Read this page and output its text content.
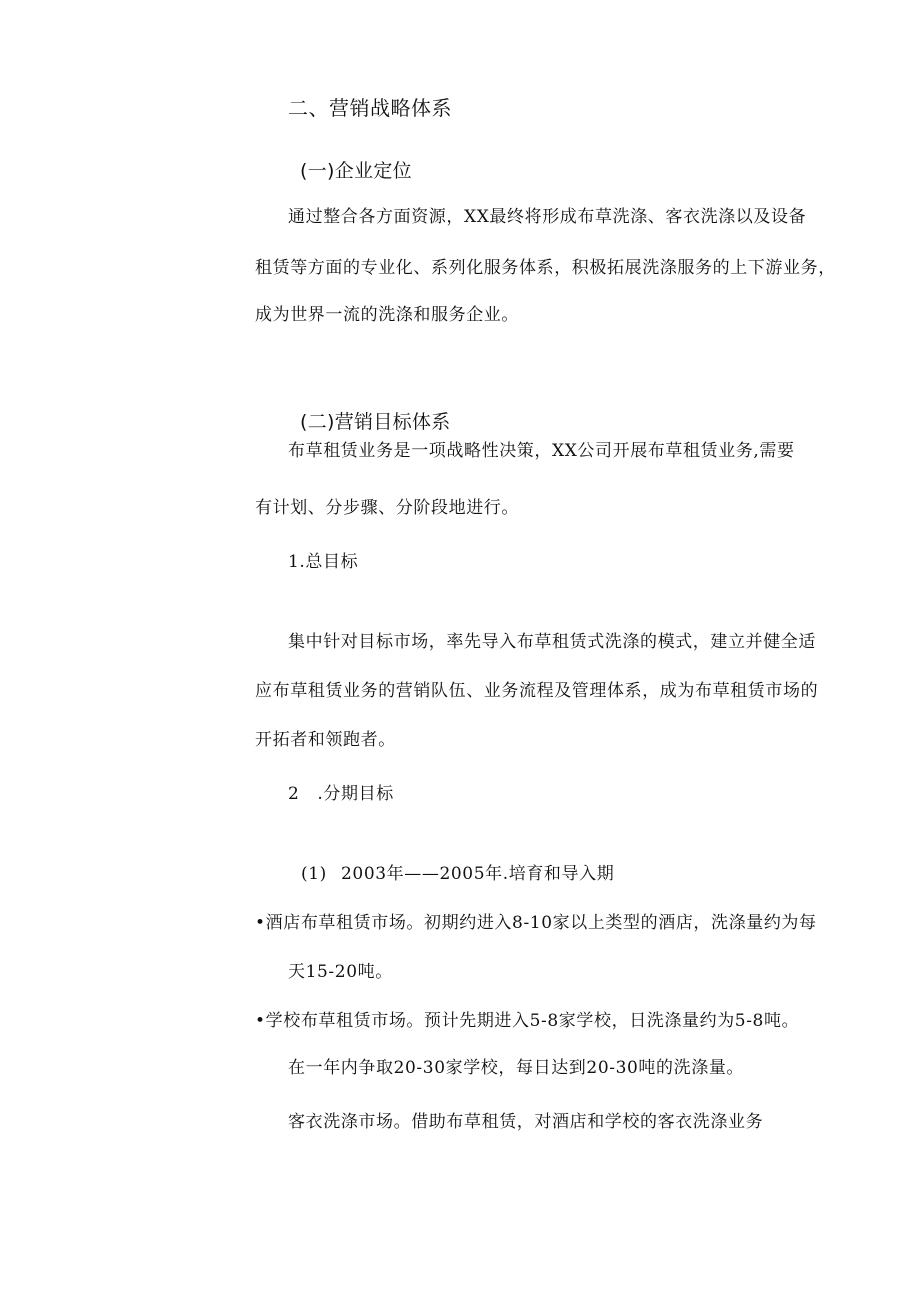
二、营销战略体系
(一)企业定位
通过整合各方面资源，XX最终将形成布草洗涤、客衣洗涤以及设备
租赁等方面的专业化、系列化服务体系，积极拓展洗涤服务的上下游业务，
成为世界一流的洗涤和服务企业。
(二)营销目标体系
布草租赁业务是一项战略性决策，XX公司开展布草租赁业务,需要
有计划、分步骤、分阶段地进行。
1.总目标
集中针对目标市场，率先导入布草租赁式洗涤的模式，建立并健全适
应布草租赁业务的营销队伍、业务流程及管理体系，成为布草租赁市场的
开拓者和领跑者。
2   .分期目标
(1) 2003年——2005年.培育和导入期
•酒店布草租赁市场。初期约进入8-10家以上类型的酒店，洗涤量约为每
天15-20吨。
•学校布草租赁市场。预计先期进入5-8家学校，日洗涤量约为5-8吨。
在一年内争取20-30家学校，每日达到20-30吨的洗涤量。
客衣洗涤市场。借助布草租赁，对酒店和学校的客衣洗涤业务
